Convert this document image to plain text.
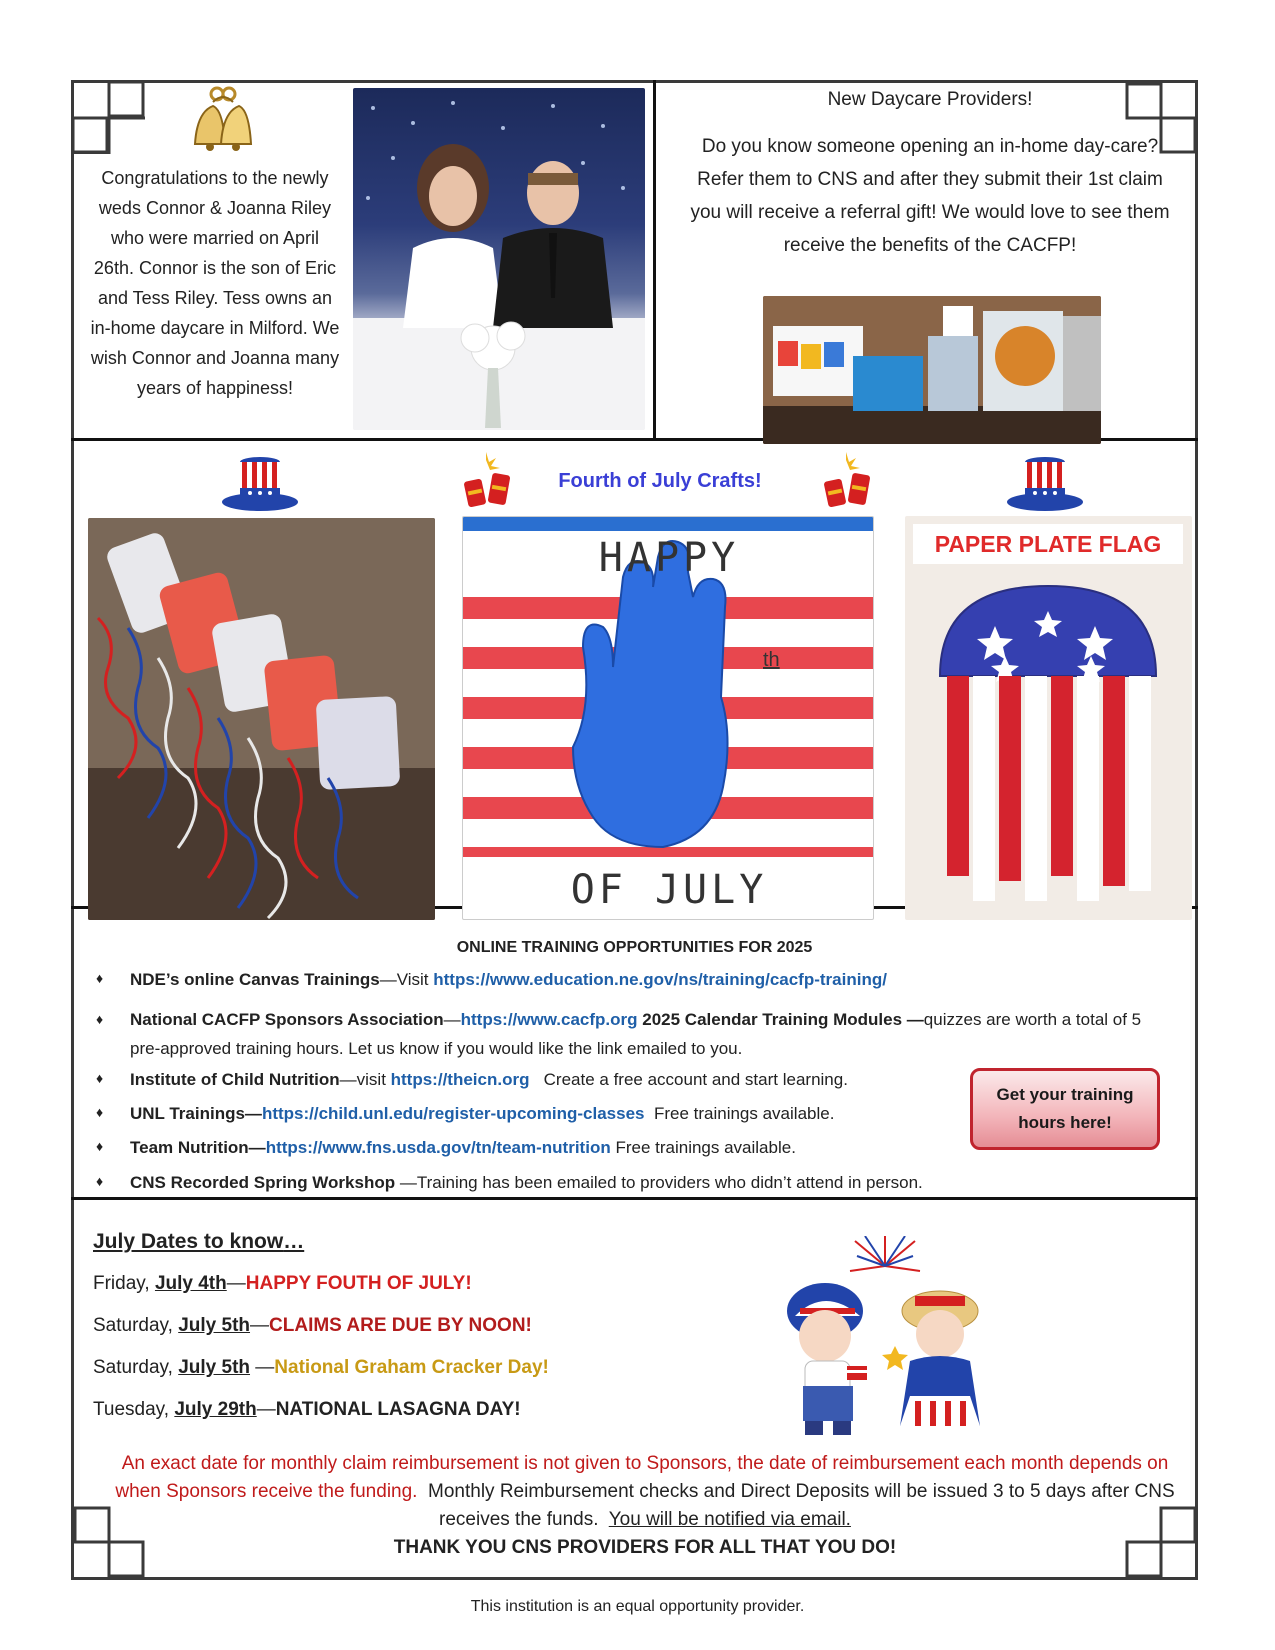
Congratulations to the newly weds Connor & Joanna Riley who were married on April 26th. Connor is the son of Eric and Tess Riley. Tess owns an in-home daycare in Milford. We wish Connor and Joanna many years of happiness!
New Daycare Providers!
Do you know someone opening an in-home day-care? Refer them to CNS and after they submit their 1st claim you will receive a referral gift! We would love to see them receive the benefits of the CACFP!
Fourth of July Crafts!
HAPPY
th
OF JULY
PAPER PLATE FLAG
ONLINE TRAINING OPPORTUNITIES FOR 2025
♦ NDE’s online Canvas Trainings—Visit https://www.education.ne.gov/ns/training/cacfp-training/
♦ National CACFP Sponsors Association—https://www.cacfp.org 2025 Calendar Training Modules —quizzes are worth a total of 5 pre-approved training hours. Let us know if you would like the link emailed to you.
♦ Institute of Child Nutrition—visit https://theicn.org   Create a free account and start learning.
♦ UNL Trainings—https://child.unl.edu/register-upcoming-classes  Free trainings available.
♦ Team Nutrition—https://www.fns.usda.gov/tn/team-nutrition Free trainings available.
♦ CNS Recorded Spring Workshop —Training has been emailed to providers who didn’t attend in person.
Get your training hours here!
July Dates to know…
Friday, July 4th—HAPPY FOUTH OF JULY!
Saturday, July 5th—CLAIMS ARE DUE BY NOON!
Saturday, July 5th —National Graham Cracker Day!
Tuesday, July 29th—NATIONAL LASAGNA DAY!
An exact date for monthly claim reimbursement is not given to Sponsors, the date of reimbursement each month depends on when Sponsors receive the funding.  Monthly Reimbursement checks and Direct Deposits will be issued 3 to 5 days after CNS receives the funds.  You will be notified via email.
THANK YOU CNS PROVIDERS FOR ALL THAT YOU DO!
This institution is an equal opportunity provider.
